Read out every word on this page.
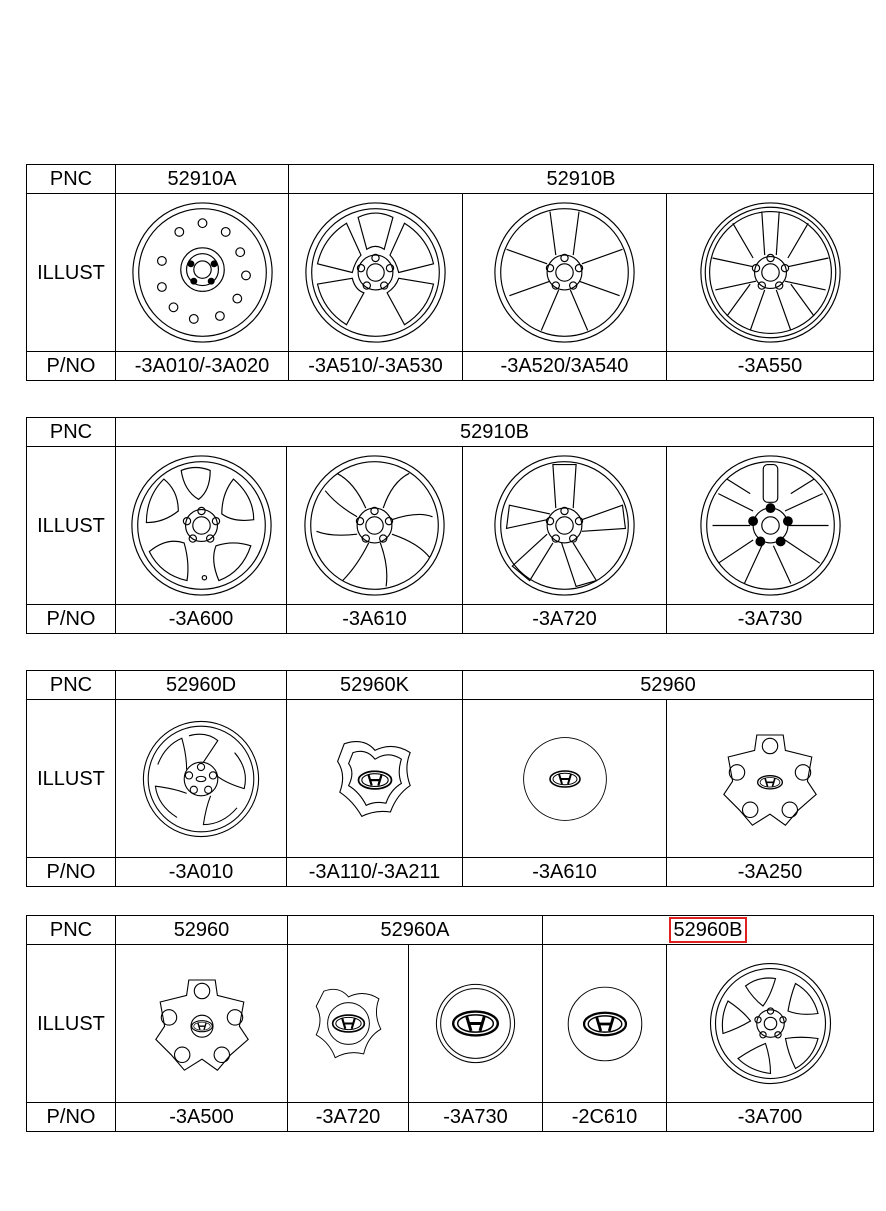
PNC	52910A	52910B		
ILLUST	

P/NO	-3A010/-3A020	-3A510/-3A530	-3A520/3A540	-3A550
PNC	52910B			
ILLUST	

P/NO	-3A600	-3A610	-3A720	-3A730
PNC	52960D	52960K	52960	
ILLUST	

P/NO	-3A010	-3A110/-3A211	-3A610	-3A250
PNC	52960	52960A		52960B	
ILLUST	

P/NO	-3A500	-3A720	-3A730	-2C610	-3A700
